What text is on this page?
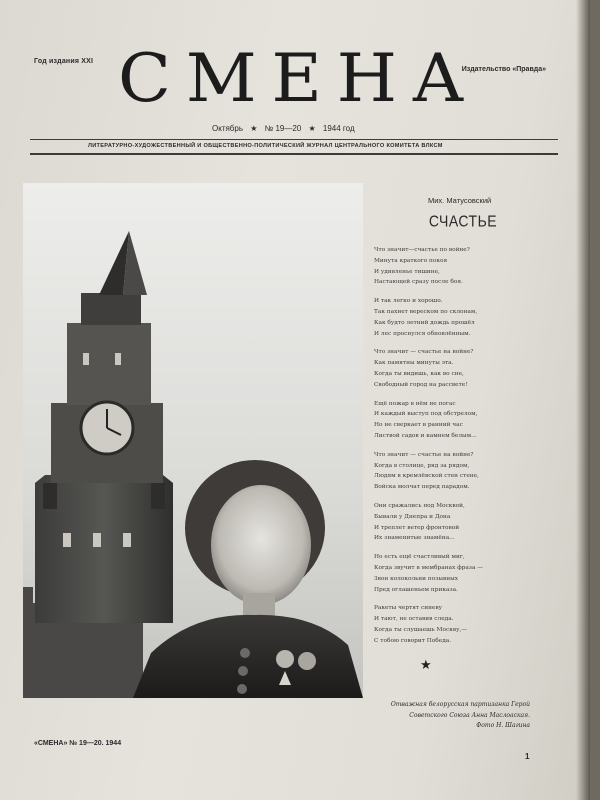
Год издания XXI СМЕНА
Издательство «Правда»
Октябрь ★ № 19—20 ★ 1944 год
ЛИТЕРАТУРНО-ХУДОЖЕСТВЕННЫЙ И ОБЩЕСТВЕННО-ПОЛИТИЧЕСКИЙ ЖУРНАЛ ЦЕНТРАЛЬНОГО КОМИТЕТА ВЛКСМ
Мих. Матусовский
СЧАСТЬЕ
Что значит—счастье по войне?
Минута краткого покоя
И удивленье тишине,
Настающей сразу после боя.
И так легко и хорошо.
Так пахнет вереском по склонам,
Как будто летний дождь прошёл
И лес проснулся обновлённым.
Что значит — счастье на войне?
Как памятны минуты эта.
Когда ты видишь, как во сне,
Свободный город на рассвете!
Ещё пожар в нём не погас
И каждый выступ под обстрелом,
Но не сверкает в ранний час
Листвой садов и камнем белым...
Что значит — счастье на войне?
Когда в столице, ряд за рядом,
Людям в кремлёвской стен стене,
Войска молчат перед парадом.
Они сражались под Москвой,
Бывали у Днепра и Дона
И треплет ветер фронтовой
Их знаменитые знамёна...
Но есть ещё счастливый миг,
Когда звучит в мембранах фраза —
Звон колокольни позывных
Пред оглашеньем приказа.
Ракеты чертят синеву
И тают, не оставив следа.
Когда ты слушаешь Москву,—
С тобою говорит Победа.
★
Отважная белорусская партизанка Герой
Советского Союза Анна Маслоаская.
Фото Н. Шагина
«СМЕНА» № 19—20. 1944
1
